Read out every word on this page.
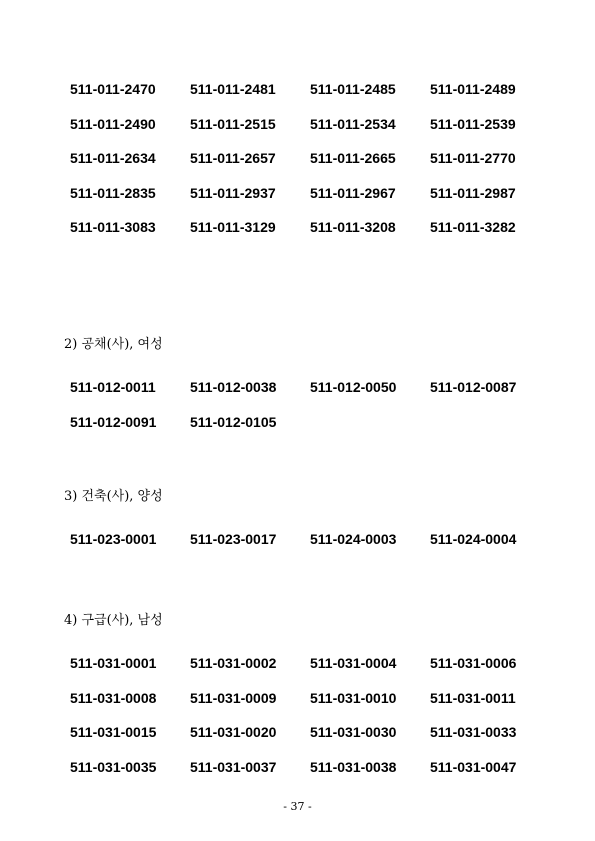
511-011-2470	511-011-2481	511-011-2485	511-011-2489
511-011-2490	511-011-2515	511-011-2534	511-011-2539
511-011-2634	511-011-2657	511-011-2665	511-011-2770
511-011-2835	511-011-2937	511-011-2967	511-011-2987
511-011-3083	511-011-3129	511-011-3208	511-011-3282
2) 공채(사), 여성
511-012-0011	511-012-0038	511-012-0050	511-012-0087
511-012-0091	511-012-0105
3) 건축(사), 양성
511-023-0001	511-023-0017	511-024-0003	511-024-0004
4) 구급(사), 남성
511-031-0001	511-031-0002	511-031-0004	511-031-0006
511-031-0008	511-031-0009	511-031-0010	511-031-0011
511-031-0015	511-031-0020	511-031-0030	511-031-0033
511-031-0035	511-031-0037	511-031-0038	511-031-0047
- 37 -
